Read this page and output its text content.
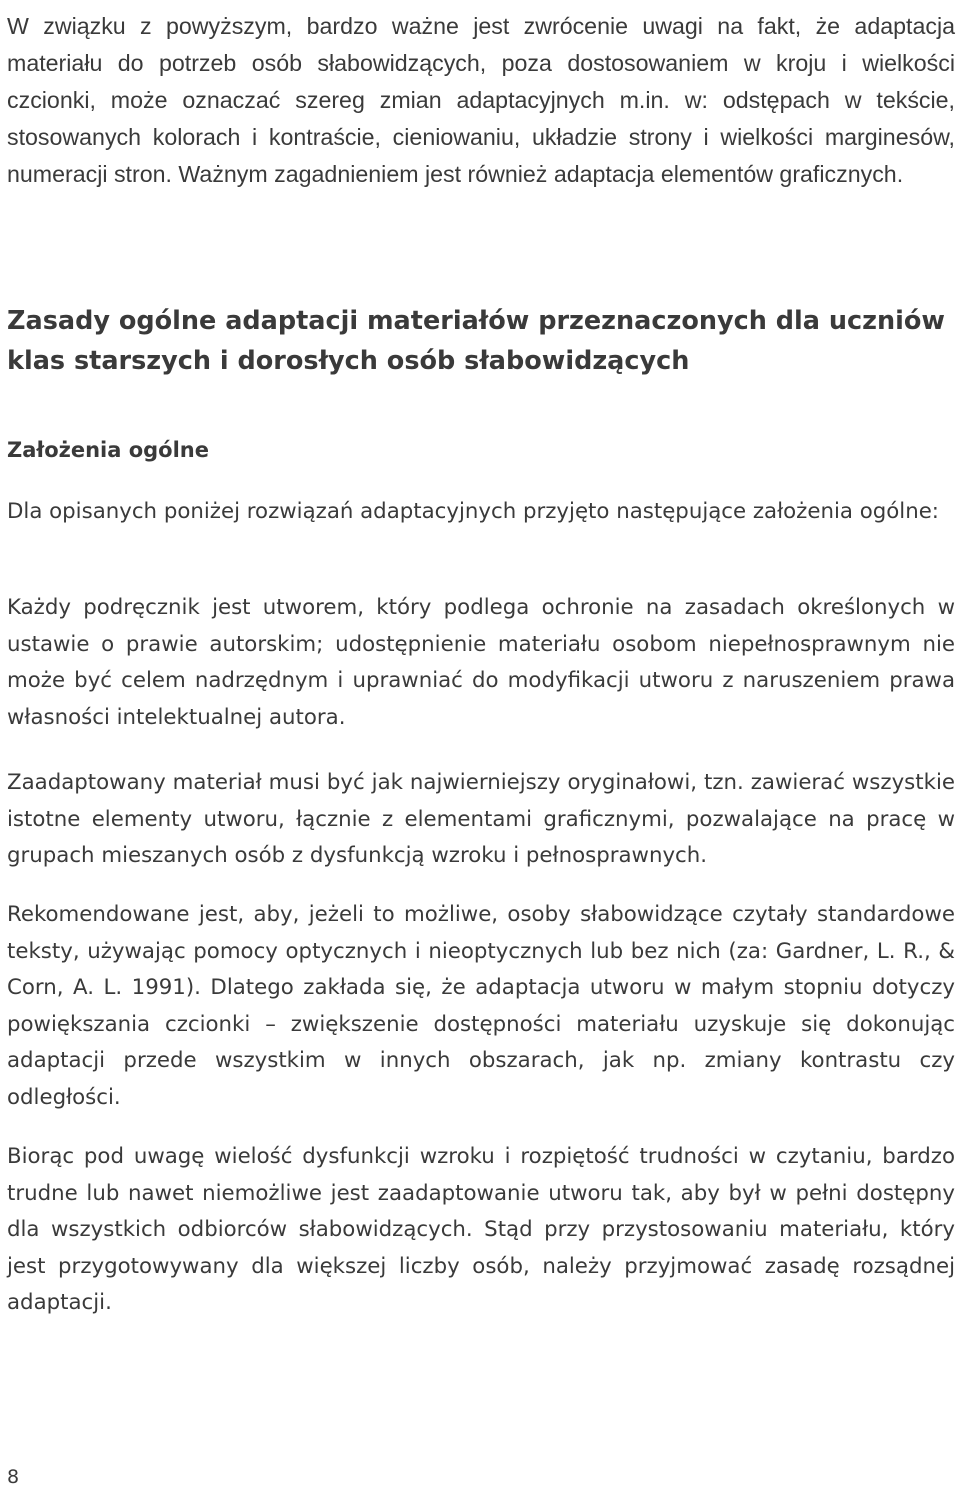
W związku z powyższym, bardzo ważne jest zwrócenie uwagi na fakt, że adaptacja materiału do potrzeb osób słabowidzących, poza dostosowaniem w kroju i wielkości czcionki, może oznaczać szereg zmian adaptacyjnych m.in. w: odstępach w tekście, stosowanych kolorach i kontraście, cieniowaniu, układzie strony i wielkości marginesów, numeracji stron. Ważnym zagadnieniem jest również adaptacja elementów graficznych.

Zasady ogólne adaptacji materiałów przeznaczonych dla uczniów klas starszych i dorosłych osób słabowidzących
Założenia ogólne

Dla opisanych poniżej rozwiązań adaptacyjnych przyjęto następujące założenia ogólne:

Każdy podręcznik jest utworem, który podlega ochronie na zasadach określonych w ustawie o prawie autorskim; udostępnienie materiału osobom niepełnosprawnym nie może być celem nadrzędnym i uprawniać do modyfikacji utworu z naruszeniem prawa własności intelektualnej autora.

Zaadaptowany materiał musi być jak najwierniejszy oryginałowi, tzn. zawierać wszystkie istotne elementy utworu, łącznie z elementami graficznymi, pozwalające na pracę w grupach mieszanych osób z dysfunkcją wzroku i pełnosprawnych.

Rekomendowane jest, aby, jeżeli to możliwe, osoby słabowidzące czytały standardowe teksty, używając pomocy optycznych i nieoptycznych lub bez nich (za: Gardner, L. R., & Corn, A. L. 1991). Dlatego zakłada się, że adaptacja utworu w małym stopniu dotyczy powiększania czcionki – zwiększenie dostępności materiału uzyskuje się dokonując adaptacji przede wszystkim w innych obszarach, jak np. zmiany kontrastu czy odległości.

Biorąc pod uwagę wielość dysfunkcji wzroku i rozpiętość trudności w czytaniu, bardzo trudne lub nawet niemożliwe jest zaadaptowanie utworu tak, aby był w pełni dostępny dla wszystkich odbiorców słabowidzących. Stąd przy przystosowaniu materiału, który jest przygotowywany dla większej liczby osób, należy przyjmować zasadę rozsądnej adaptacji.

8
